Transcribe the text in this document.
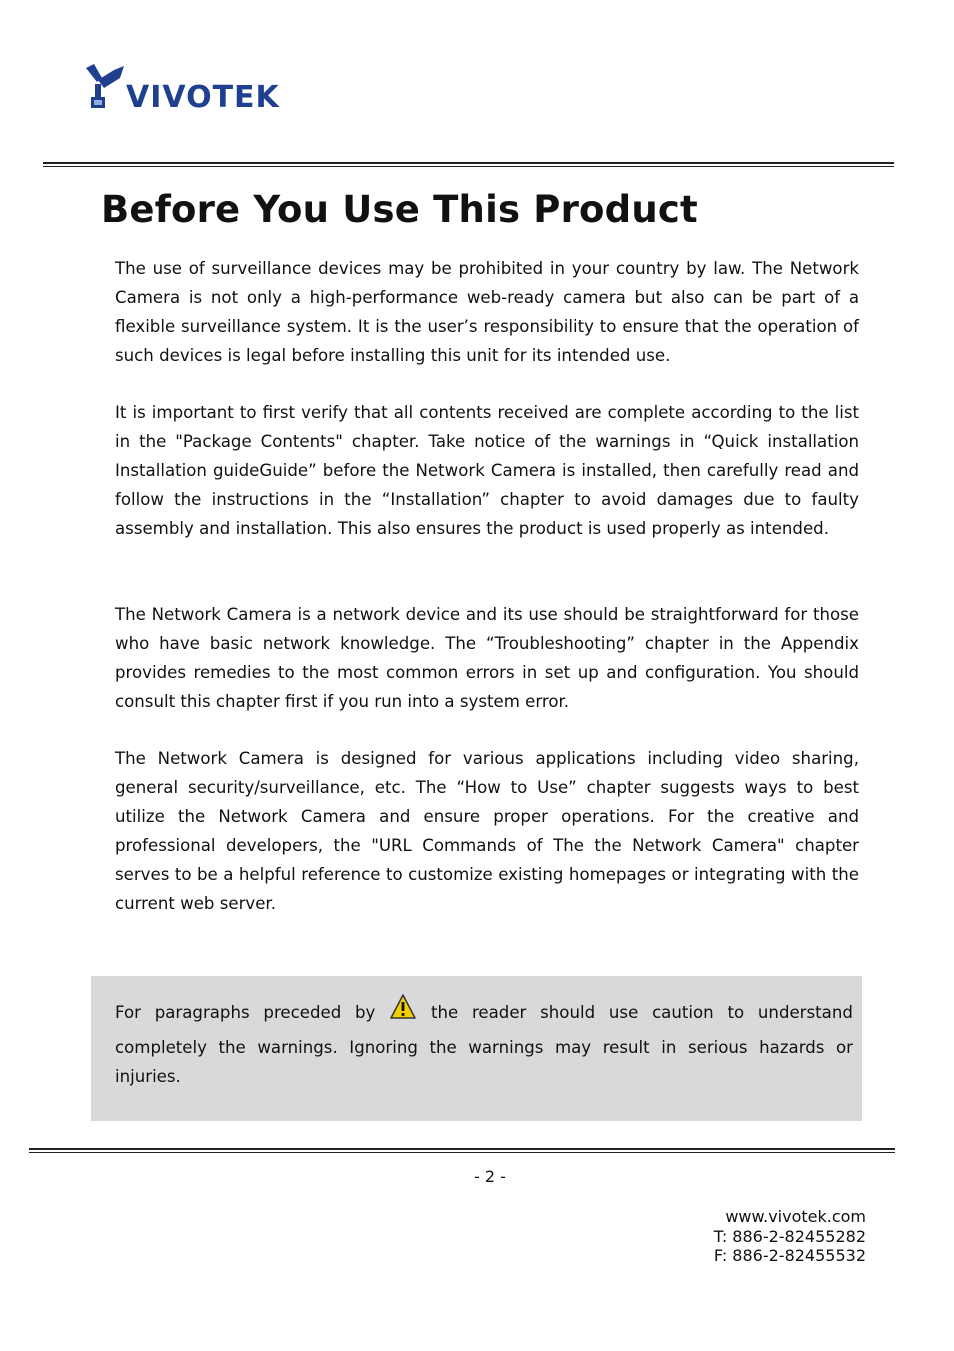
VIVOTEK
Before You Use This Product

The use of surveillance devices may be prohibited in your country by law. The Network Camera is not only a high-performance web-ready camera but also can be part of a flexible surveillance system. It is the user’s responsibility to ensure that the operation of such devices is legal before installing this unit for its intended use.

It is important to first verify that all contents received are complete according to the list in the "Package Contents" chapter. Take notice of the warnings in “Quick installation Installation guideGuide” before the Network Camera is installed, then carefully read and follow the instructions in the “Installation” chapter to avoid damages due to faulty assembly and installation. This also ensures the product is used properly as intended.

The Network Camera is a network device and its use should be straightforward for those who have basic network knowledge. The “Troubleshooting” chapter in the Appendix provides remedies to the most common errors in set up and configuration. You should consult this chapter first if you run into a system error.

The Network Camera is designed for various applications including video sharing, general security/surveillance, etc. The “How to Use” chapter suggests ways to best utilize the Network Camera and ensure proper operations. For the creative and professional developers, the "URL Commands of The the Network Camera" chapter serves to be a helpful reference to customize existing homepages or integrating with the current web server.

For paragraphs preceded by	the reader should use caution to understand
completely the warnings. Ignoring the warnings may result in serious hazards or injuries.
- 2 -
www.vivotek.com
T: 886-2-82455282
F: 886-2-82455532
